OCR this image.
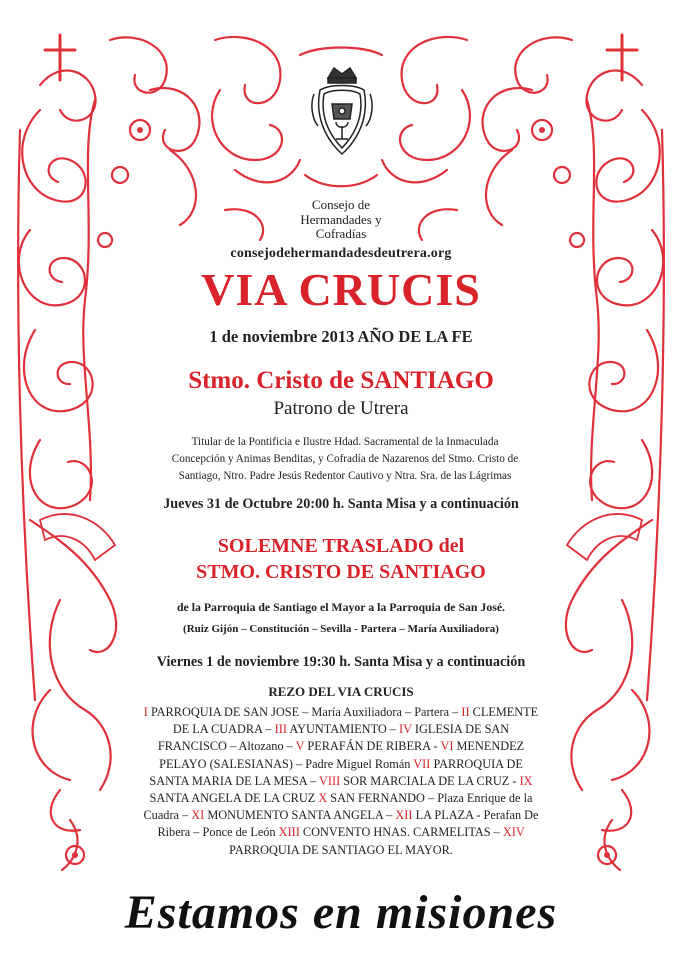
Consejo de
Hermandades y
Cofradías
consejodehermandadesdeutrera.org
VIA CRUCIS
1 de noviembre 2013 AÑO DE LA FE
Stmo. Cristo de SANTIAGO
Patrono de Utrera
Titular de la Pontificia e Ilustre Hdad. Sacramental de la Inmaculada
Concepción y Animas Benditas, y Cofradía de Nazarenos del Stmo. Cristo de
Santiago, Ntro. Padre Jesús Redentor Cautivo y Ntra. Sra. de las Lágrimas
Jueves 31 de Octubre 20:00 h. Santa Misa y a continuación
SOLEMNE TRASLADO del
STMO. CRISTO DE SANTIAGO
de la Parroquia de Santiago el Mayor a la Parroquia de San José.
(Ruiz Gijón – Constitución – Sevilla - Partera – María Auxiliadora)
Viernes 1 de noviembre 19:30 h. Santa Misa y a continuación
REZO DEL VIA CRUCIS
I PARROQUIA DE SAN JOSE – María Auxiliadora – Partera – II CLEMENTE DE LA CUADRA – III AYUNTAMIENTO – IV IGLESIA DE SAN FRANCISCO – Altozano – V PERAFÁN DE RIBERA - VI MENENDEZ PELAYO (SALESIANAS) – Padre Miguel Román VII PARROQUIA DE SANTA MARIA DE LA MESA – VIII SOR MARCIALA DE LA CRUZ - IX SANTA ANGELA DE LA CRUZ X SAN FERNANDO – Plaza Enrique de la Cuadra – XI MONUMENTO SANTA ANGELA – XII LA PLAZA - Perafan De Ribera – Ponce de León XIII CONVENTO HNAS. CARMELITAS – XIV PARROQUIA DE SANTIAGO EL MAYOR.
Estamos en misiones
